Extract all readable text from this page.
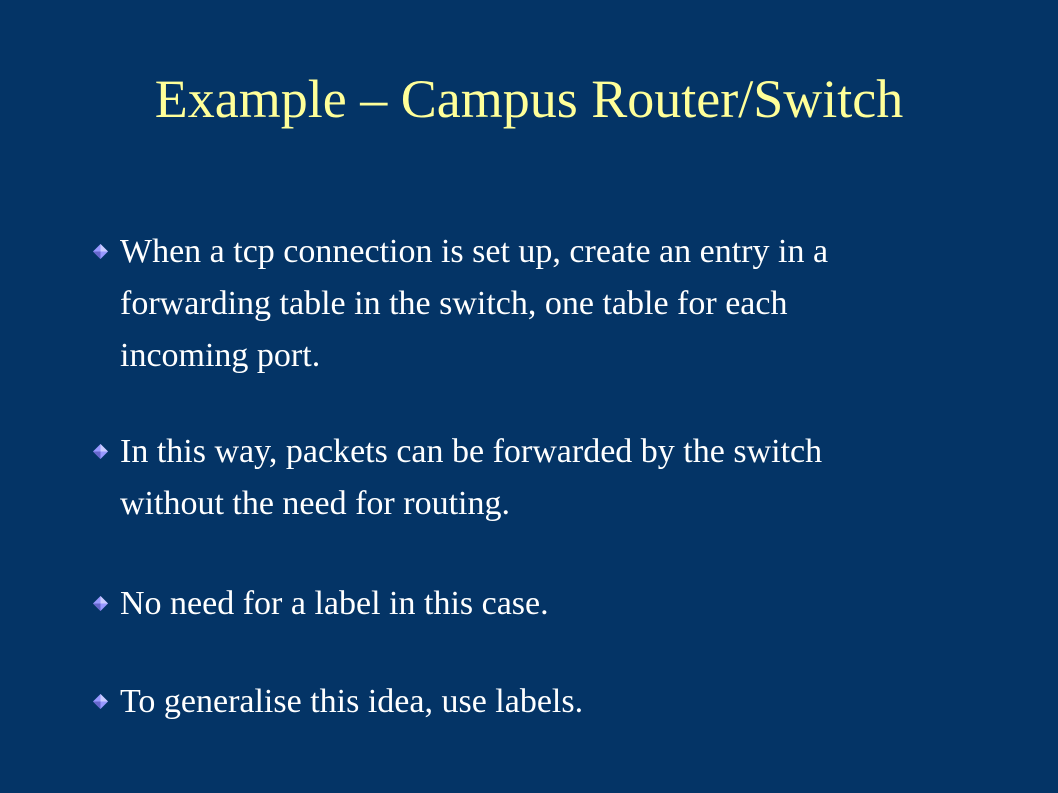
Example – Campus Router/Switch
When a tcp connection is set up, create an entry in a
forwarding table in the switch, one table for each
incoming port.
In this way, packets can be forwarded by the switch
without the need for routing.
No need for a label in this case.
To generalise this idea, use labels.
